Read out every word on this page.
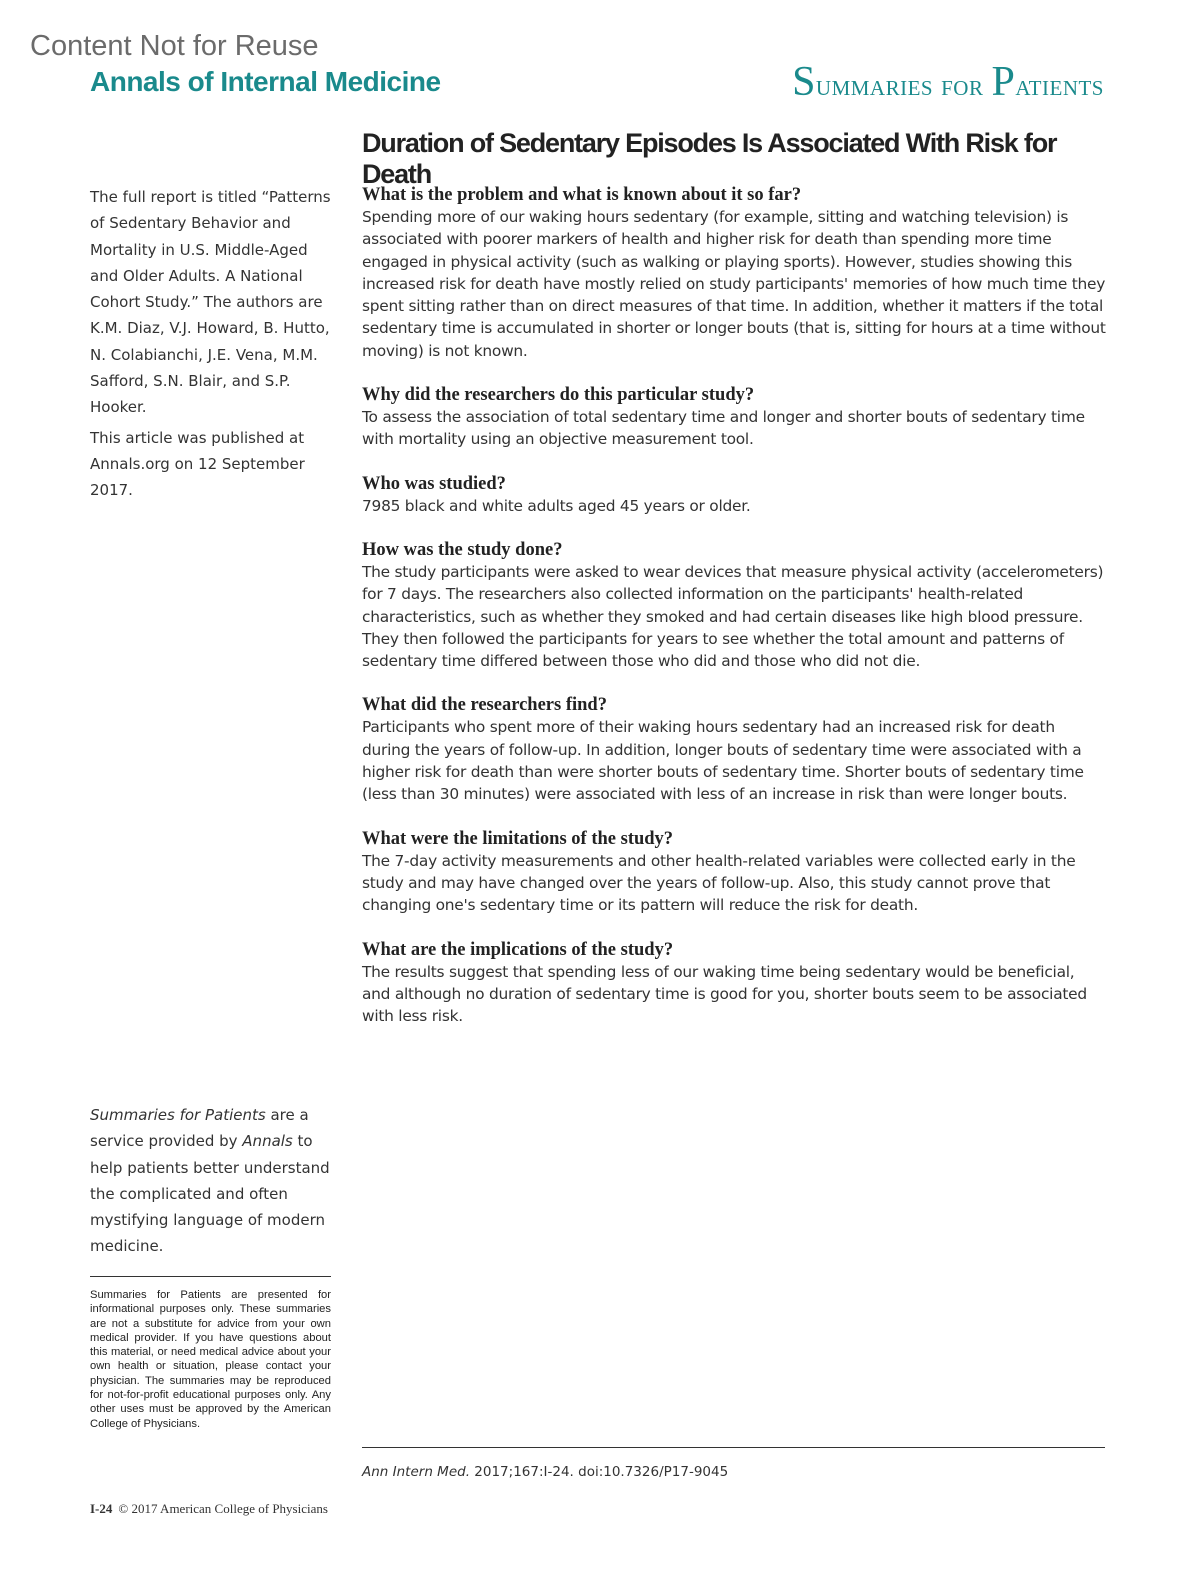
Content Not for Reuse
Annals of Internal Medicine	Summaries for Patients
Duration of Sedentary Episodes Is Associated With Risk for Death

The full report is titled “Patterns of Sedentary Behavior and Mortality in U.S. Middle-Aged and Older Adults. A National Cohort Study.” The authors are K.M. Diaz, V.J. Howard, B. Hutto, N. Colabianchi, J.E. Vena, M.M. Safford, S.N. Blair, and S.P. Hooker.

This article was published at Annals.org on 12 September 2017.

Summaries for Patients are a service provided by Annals to help patients better understand the complicated and often mystifying language of modern medicine.
Summaries for Patients are presented for informational purposes only. These summaries are not a substitute for advice from your own medical provider. If you have questions about this material, or need medical advice about your own health or situation, please contact your physician. The summaries may be reproduced for not-for-profit educational purposes only. Any other uses must be approved by the American College of Physicians.
What is the problem and what is known about it so far?

Spending more of our waking hours sedentary (for example, sitting and watching television) is associated with poorer markers of health and higher risk for death than spending more time engaged in physical activity (such as walking or playing sports). However, studies showing this increased risk for death have mostly relied on study participants' memories of how much time they spent sitting rather than on direct measures of that time. In addition, whether it matters if the total sedentary time is accumulated in shorter or longer bouts (that is, sitting for hours at a time without moving) is not known.

Why did the researchers do this particular study?

To assess the association of total sedentary time and longer and shorter bouts of sedentary time with mortality using an objective measurement tool.

Who was studied?

7985 black and white adults aged 45 years or older.

How was the study done?

The study participants were asked to wear devices that measure physical activity (accelerometers) for 7 days. The researchers also collected information on the participants' health-related characteristics, such as whether they smoked and had certain diseases like high blood pressure. They then followed the participants for years to see whether the total amount and patterns of sedentary time differed between those who did and those who did not die.

What did the researchers find?

Participants who spent more of their waking hours sedentary had an increased risk for death during the years of follow-up. In addition, longer bouts of sedentary time were associated with a higher risk for death than were shorter bouts of sedentary time. Shorter bouts of sedentary time (less than 30 minutes) were associated with less of an increase in risk than were longer bouts.

What were the limitations of the study?

The 7-day activity measurements and other health-related variables were collected early in the study and may have changed over the years of follow-up. Also, this study cannot prove that changing one's sedentary time or its pattern will reduce the risk for death.

What are the implications of the study?

The results suggest that spending less of our waking time being sedentary would be beneficial, and although no duration of sedentary time is good for you, shorter bouts seem to be associated with less risk.

Ann Intern Med. 2017;167:I-24. doi:10.7326/P17-9045
I-24 © 2017 American College of Physicians
